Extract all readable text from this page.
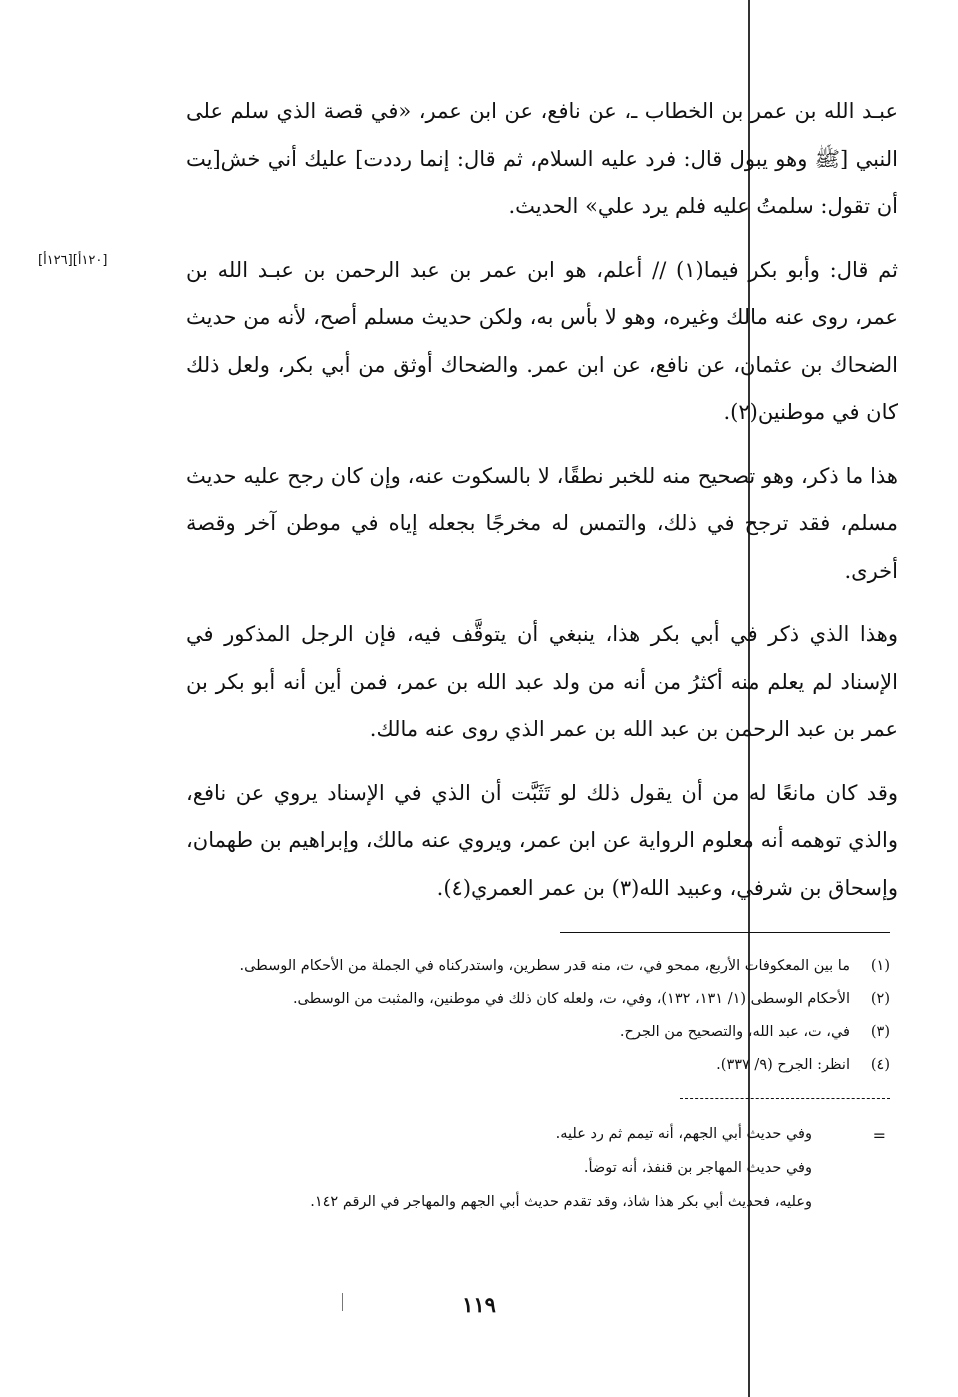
[١٢٦أ][١٢٠أ]

عبـد الله بن عمر بن الخطاب ـ، عن نافع، عن ابن عمر، «في قصة الذي سلم على النبي [ﷺ وهو يبول قال: فرد عليه السلام، ثم قال: إنما رددت] عليك أني خش[يت أن تقول: سلمتُ عليه فلم يرد علي» الحديث.

ثم قال: وأبو بكر فيما(١) // أعلم، هو ابن عمر بن عبد الرحمن بن عبـد الله بن عمر، روى عنه مالك وغيره، وهو لا بأس به، ولكن حديث مسلم أصح، لأنه من حديث الضحاك بن عثمان، عن نافع، عن ابن عمر. والضحاك أوثق من أبي بكر، ولعل ذلك كان في موطنين(٢).

هذا ما ذكر، وهو تصحيح منه للخبر نطقًا، لا بالسكوت عنه، وإن كان رجح عليه حديث مسلم، فقد ترجح في ذلك، والتمس له مخرجًا بجعله إياه في موطن آخر وقصة أخرى.

وهذا الذي ذكر في أبي بكر هذا، ينبغي أن يتوقَّف فيه، فإن الرجل المذكور في الإسناد لم يعلم منه أكثرُ من أنه من ولد عبد الله بن عمر، فمن أين أنه أبو بكر بن عمر بن عبد الرحمن بن عبد الله بن عمر الذي روى عنه مالك.

وقد كان مانعًا له من أن يقول ذلك لو تَثَبَّت أن الذي في الإسناد يروي عن نافع، والذي توهمه أنه معلوم الرواية عن ابن عمر، ويروي عنه مالك، وإبراهيم بن طهمان، وإسحاق بن شرفي، وعبيد الله(٣) بن عمر العمري(٤).

(١)
ما بين المعكوفات الأربع، ممحو في، ت، منه قدر سطرين، واستدركناه في الجملة من الأحكام الوسطى.
(٢)
الأحكام الوسطى (١/ ١٣١، ١٣٢)، وفي، ت، ولعله كان ذلك في موطنين، والمثبت من الوسطى.
(٣)
في، ت، عبد الله، والتصحيح من الجرح.
(٤)
انظر: الجرح (٩/ ٣٣٧).
=
وفي حديث أبي الجهم، أنه تيمم ثم رد عليه.
وفي حديث المهاجر بن قنفذ، أنه توضأ.
وعليه، فحديث أبي بكر هذا شاذ، وقد تقدم حديث أبي الجهم والمهاجر في الرقم ١٤٢.
١١٩
